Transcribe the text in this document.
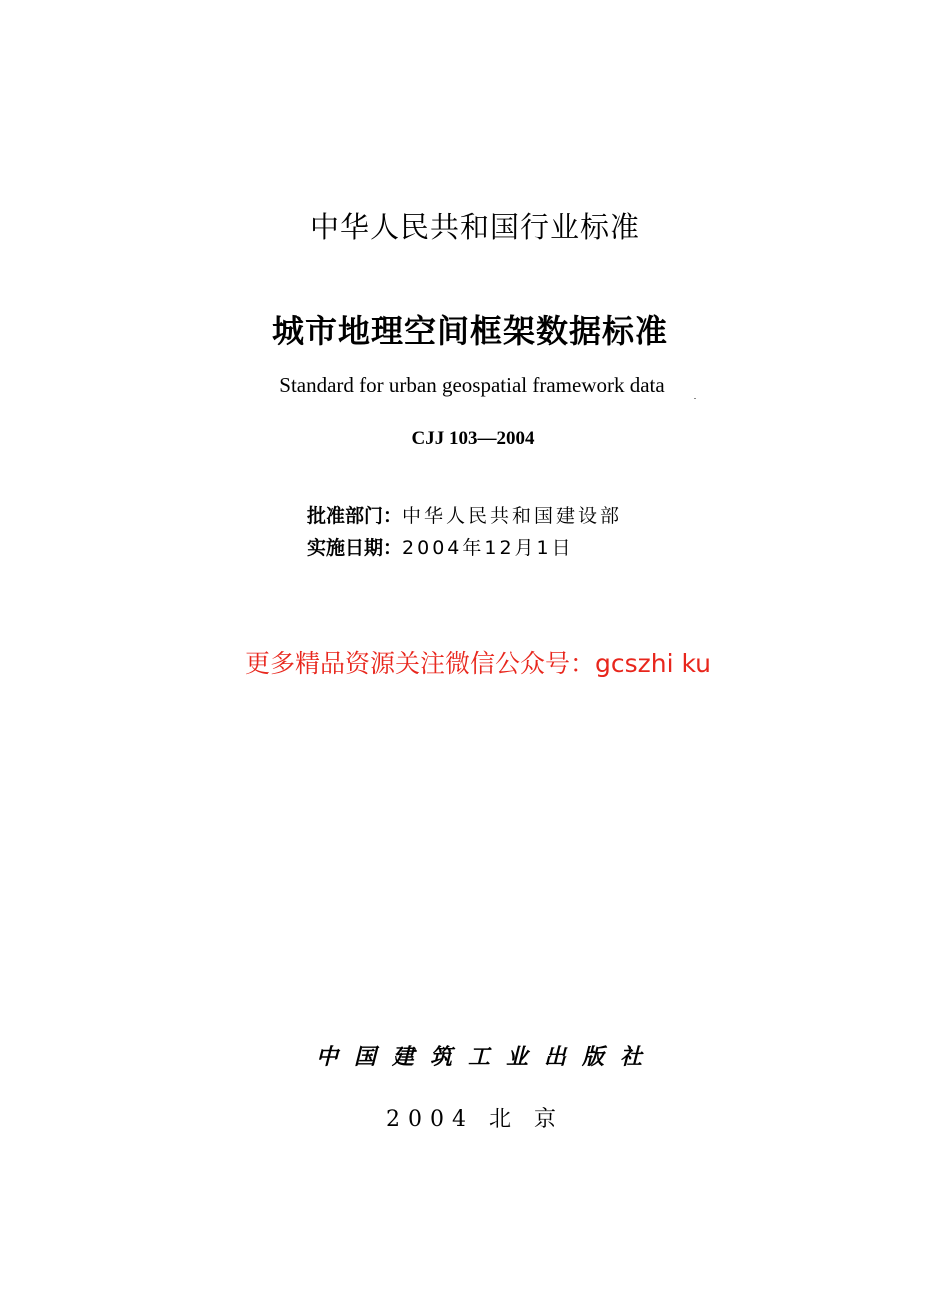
中华人民共和国行业标准
城市地理空间框架数据标准
Standard for urban geospatial framework data
CJJ 103—2004
批准部门：中华人民共和国建设部
实施日期：2004年12月1日
更多精品资源关注微信公众号：gcszhi ku
中国建筑工业出版社
2004 北 京
